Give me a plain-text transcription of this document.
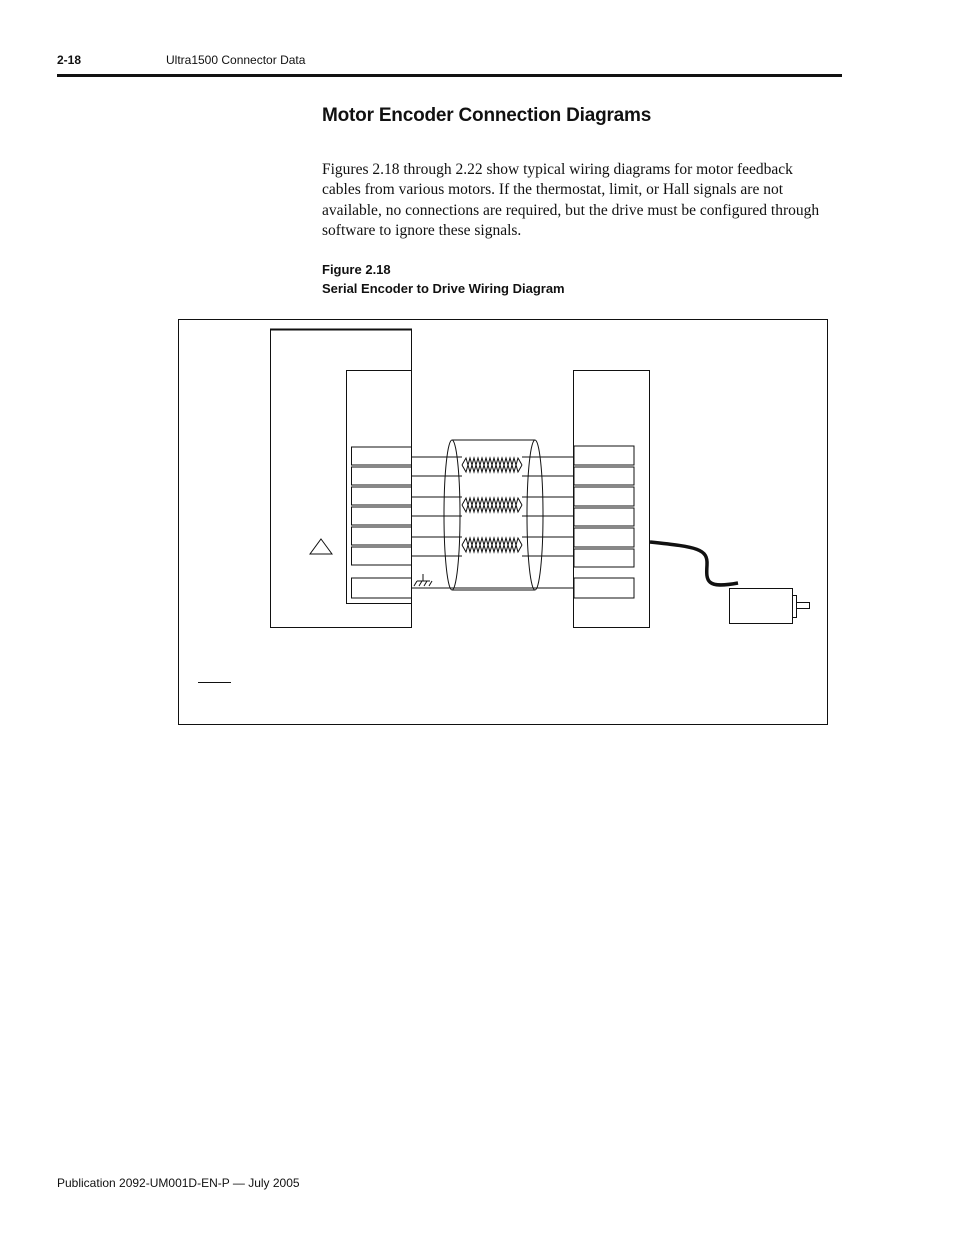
2-18	Ultra1500 Connector Data
Motor Encoder Connection Diagrams
Figures 2.18 through 2.22 show typical wiring diagrams for motor feedback cables from various motors. If the thermostat, limit, or Hall signals are not available, no connections are required, but the drive must be configured through software to ignore these signals.
Figure 2.18
Serial Encoder to Drive Wiring Diagram
Publication 2092-UM001D-EN-P — July 2005
